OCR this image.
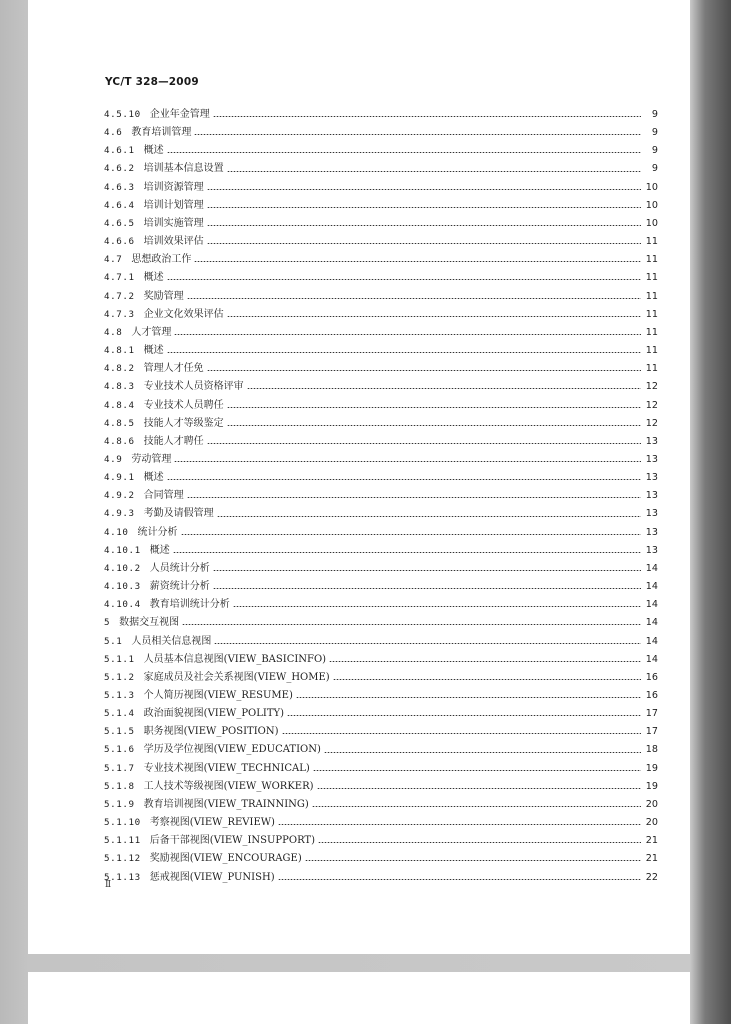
YC/T 328—2009
4.5.10 企业年金管理	9
4.6 教育培训管理	9
4.6.1 概述	9
4.6.2 培训基本信息设置	9
4.6.3 培训资源管理	10
4.6.4 培训计划管理	10
4.6.5 培训实施管理	10
4.6.6 培训效果评估	11
4.7 思想政治工作	11
4.7.1 概述	11
4.7.2 奖励管理	11
4.7.3 企业文化效果评估	11
4.8 人才管理	11
4.8.1 概述	11
4.8.2 管理人才任免	11
4.8.3 专业技术人员资格评审	12
4.8.4 专业技术人员聘任	12
4.8.5 技能人才等级鉴定	12
4.8.6 技能人才聘任	13
4.9 劳动管理	13
4.9.1 概述	13
4.9.2 合同管理	13
4.9.3 考勤及请假管理	13
4.10 统计分析	13
4.10.1 概述	13
4.10.2 人员统计分析	14
4.10.3 薪资统计分析	14
4.10.4 教育培训统计分析	14
5 数据交互视图	14
5.1 人员相关信息视图	14
5.1.1 人员基本信息视图(VIEW_BASICINFO)	14
5.1.2 家庭成员及社会关系视图(VIEW_HOME)	16
5.1.3 个人简历视图(VIEW_RESUME)	16
5.1.4 政治面貌视图(VIEW_POLITY)	17
5.1.5 职务视图(VIEW_POSITION)	17
5.1.6 学历及学位视图(VIEW_EDUCATION)	18
5.1.7 专业技术视图(VIEW_TECHNICAL)	19
5.1.8 工人技术等级视图(VIEW_WORKER)	19
5.1.9 教育培训视图(VIEW_TRAINNING)	20
5.1.10 考察视图(VIEW_REVIEW)	20
5.1.11 后备干部视图(VIEW_INSUPPORT)	21
5.1.12 奖励视图(VIEW_ENCOURAGE)	21
5.1.13 惩戒视图(VIEW_PUNISH)	22
Ⅱ
